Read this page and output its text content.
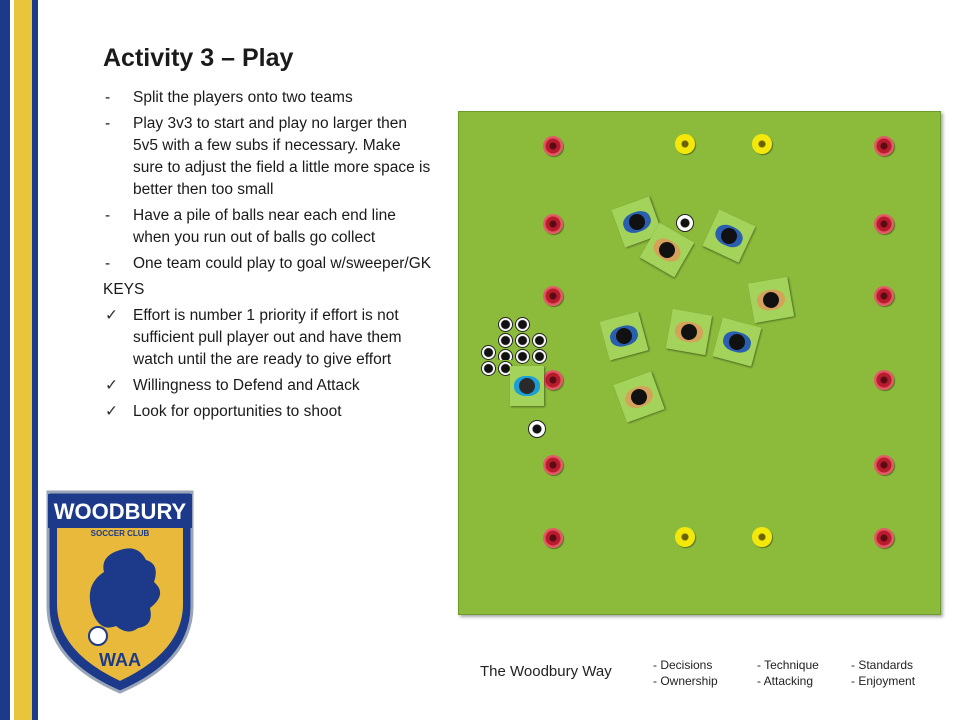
Activity 3 – Play
- Split the players onto two teams
- Play 3v3 to start and play no larger then 5v5 with a few subs if necessary. Make sure to adjust the field a little more space is better then too small
- Have a pile of balls near each end line when you run out of balls go collect
- One team could play to goal w/sweeper/GK
KEYS
✓ Effort is number 1 priority if effort is not sufficient pull player out and have them watch until the are ready to give effort
✓ Willingness to Defend and Attack
✓ Look for opportunities to shoot
WOODBURY
SOCCER CLUB
WAA
The Woodbury Way	- Decisions
- Ownership
- Technique
- Attacking
- Standards
- Enjoyment
